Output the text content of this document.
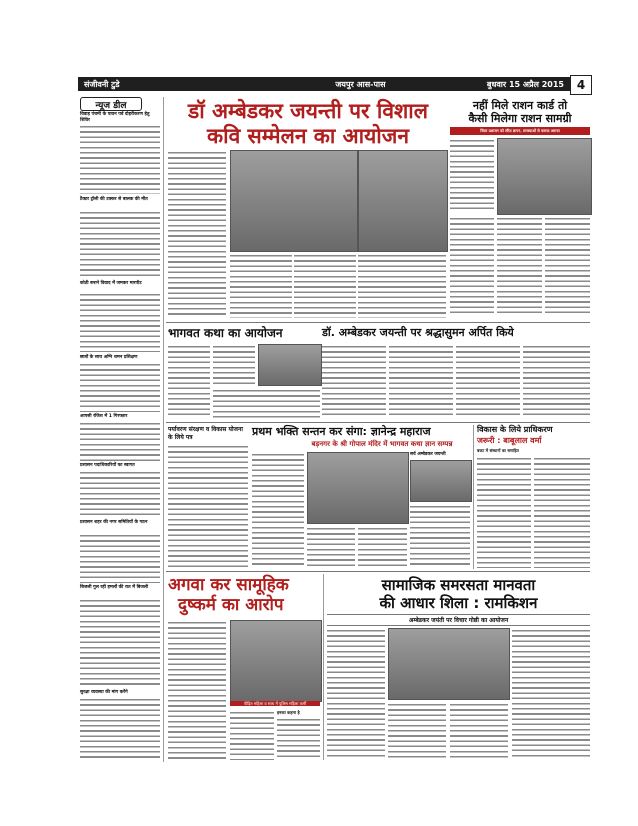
संजीवनी टुडे	जयपुर आस-पास	बुधवार 15 अप्रैल 2015	4
न्यूज डील
विवाह पंचमी के पावन पर्व दोहरीकरण हेतु शिविर
टैक्टर ट्रॉली की टक्कर से बालक की मौत
कोठी बनाने विवाद में जमकर मारपीट
छात्रों के साथ अग्नि शमन प्रशिक्षण
आपसी रंजिश में 1 गिरफ्तार
प्रशासन पदाधिकारियों का स्वागत
प्रशासन शहर की नगर समितियों के गठन
बिजली गुल रही हमलों की रात में बिजली
सुरक्षा व्यवस्था की मांग करेंगे
डॉ अम्बेडकर जयन्ती पर विशाल
कवि सम्मेलन का आयोजन
नहीं मिले राशन कार्ड तो
कैसी मिलेगा राशन सामग्री
जिला प्रशासन को सौंपा ज्ञापन, समस्याओं से कराया अवगत
भागवत कथा का आयोजन	डॉ. अम्बेडकर जयन्ती पर श्रद्धासुमन अर्पित किये
पर्यावरण संरक्षण व विकास योजना के लिये पत्र	प्रथम भक्ति सन्तन कर संगा: ज्ञानेन्द्र महाराज
बड़नगर के श्री गोपाल मंदिर में भागवत कथा ज्ञान सम्पन्न
सर्व अम्बेडकर जयन्ती
विकास के लिये प्राधिकरण
जरूरी : बाबूलाल वर्मा
बजट में संस्थानों का समाहित
अगवा कर सामूहिक
दुष्कर्म का आरोप
पीड़ित महिला व साथ में पुलिस महिला कर्मी
इनका कहना है
सामाजिक समरसता मानवता
की आधार शिला : रामकिशन
अम्बेडकर जयंती पर विचार गोष्ठी का आयोजन
